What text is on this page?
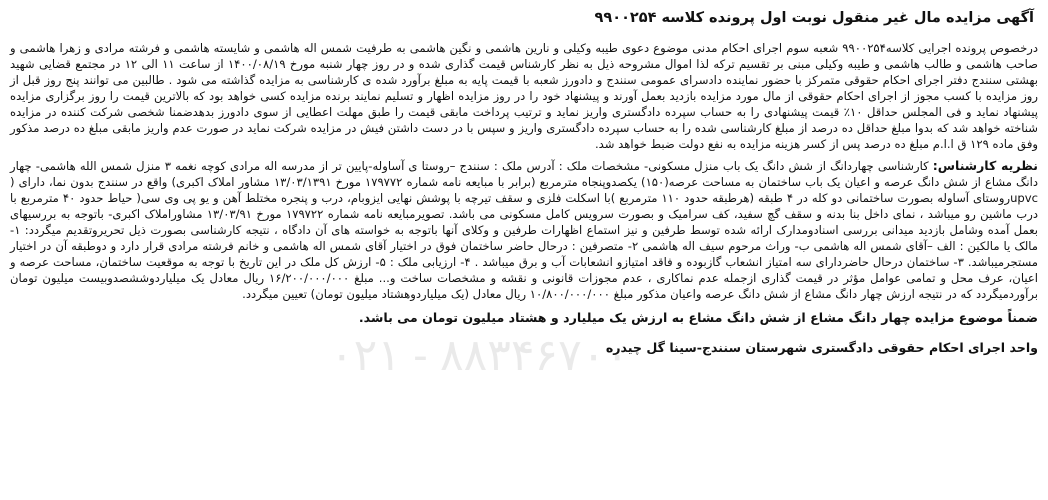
آگهی مزایده مال غیر منقول نوبت اول پرونده کلاسه ۹۹۰۰۲۵۴

درخصوص پرونده اجرایی کلاسه۹۹۰۰۲۵۴ شعبه سوم اجرای احکام مدنی موضوع دعوی طیبه وکیلی و نارین هاشمی و نگین هاشمی به طرفیت شمس اله هاشمی و شایسته هاشمی و فرشته مرادی و زهرا هاشمی و صاحب هاشمی و طالب هاشمی و طیبه وکیلی مبنی بر تقسیم ترکه لذا اموال مشروحه ذیل به نظر کارشناس قیمت گذاری شده و در روز چهار شنبه مورخ ۱۴۰۰/۰۸/۱۹ از ساعت ۱۱ الی ۱۲ در مجتمع قضایی شهید بهشتی سنندج دفتر اجرای احکام حقوقی متمرکز با حضور نماینده دادسرای عمومی سنندج و دادورز شعبه با قیمت پایه به مبلغ برآورد شده ی کارشناسی به مزایده گذاشته می شود . طالبین می توانند پنج روز قبل از روز مزایده با کسب مجوز از اجرای احکام حقوقی از مال مورد مزایده بازدید بعمل آورند و پیشنهاد خود را در روز مزایده اظهار و تسلیم نمایند برنده مزایده کسی خواهد بود که بالاترین قیمت را روز برگزاری مزایده پیشنهاد نماید و فی المجلس حداقل ۱۰٪ قیمت پیشنهادی را به حساب سپرده دادگستری واریز نماید و ترتیب پرداخت مابقی قیمت را طبق مهلت اعطایی از سوی دادورز بدهدضمنا شخصی شرکت کننده در مزایده شناخته خواهد شد که بدوا مبلغ حداقل ده درصد از مبلغ کارشناسی شده را به حساب سپرده دادگستری واریز و سپس با در دست داشتن فیش در مزایده شرکت نماید در صورت عدم واریز مابقی مبلغ ده درصد مذکور وفق ماده ۱۲۹ ق ا.ا.م مبلغ ده درصد پس از کسر هزینه مزایده به نفع دولت ضبط خواهد شد.

نظریه کارشناس: کارشناسی چهاردانگ از شش دانگ یک باب منزل مسکونی- مشخصات ملک : آدرس ملک : سنندج –روستا ی آساوله-پایین تر از مدرسه اله مرادی کوچه نغمه ۳ منزل شمس الله هاشمی- چهار دانگ مشاع از شش دانگ عرصه و اعیان یک باب ساختمان به مساحت عرصه(۱۵۰) یکصدوپنجاه مترمربع (برابر با مبایعه نامه شماره ۱۷۹۷۷۲ مورخ ۱۳/۰۳/۱۳۹۱ مشاور املاک اکبری) واقع در سنندج بدون نما، دارای ( upvcروستای آساوله بصورت ساختمانی دو کله در ۴ طبقه (هرطبقه حدود ۱۱۰ مترمربع )با اسکلت فلزی و سقف تیرچه با پوشش نهایی ایزوبام، درب و پنجره مختلط آهن و یو پی وی سی( حیاط حدود ۴۰ مترمربع با درب ماشین رو میباشد ، نمای داخل بنا بدنه و سقف گچ سفید، کف سرامیک و بصورت سرویس کامل مسکونی می باشد. تصویرمبایعه نامه شماره ۱۷۹۷۲۲ مورخ ۱۳/۰۳/۹۱ مشاوراملاک اکبری- باتوجه به بررسیهای بعمل آمده وشامل بازدید میدانی بررسی اسنادومدارک ارائه شده توسط طرفین و نیز استماع اظهارات طرفین و وکلای آنها باتوجه به خواسته های آن دادگاه ، نتیجه کارشناسی بصورت ذیل تحریروتقدیم میگردد: ۱- مالک یا مالکین : الف –آقای شمس اله هاشمی ب- وراث مرحوم سیف اله هاشمی ۲- متصرفین : درحال حاضر ساختمان فوق در اختیار آقای شمس اله هاشمی و خانم فرشته مرادی قرار دارد و دوطبقه آن در اختیار مستجرمیباشد. ۳- ساختمان درحال حاضردارای سه امتیاز انشعاب گازبوده و فاقد امتیازو انشعابات آب و برق میباشد . ۴- ارزیابی ملک : ۵- ارزش کل ملک در این تاریخ با توجه به موقعیت ساختمان، مساحت عرصه و اعیان، عرف محل و تمامی عوامل مؤثر در قیمت گذاری ازجمله عدم نماکاری ، عدم مجوزات قانونی و نقشه و مشخصات ساخت و... مبلغ ۱۶/۲۰۰/۰۰۰/۰۰۰ ریال معادل یک میلیاردوششصدوبیست میلیون تومان برآوردمیگردد که در نتیجه ارزش چهار دانگ مشاع از شش دانگ عرصه واعیان مذکور مبلغ ۱۰/۸۰۰/۰۰۰/۰۰۰ ریال معادل (یک میلیاردوهشتاد میلیون تومان) تعیین میگردد.

ضمناً موضوع مزایده چهار دانگ مشاع از شش دانگ مشاع به ارزش یک میلیارد و هشتاد میلیون تومان می باشد.
واحد اجرای احکام حقوقی دادگستری شهرستان سنندج-سینا گل چیدره
۰۲۱ - ۸۸۳۴۶۷۰۰
